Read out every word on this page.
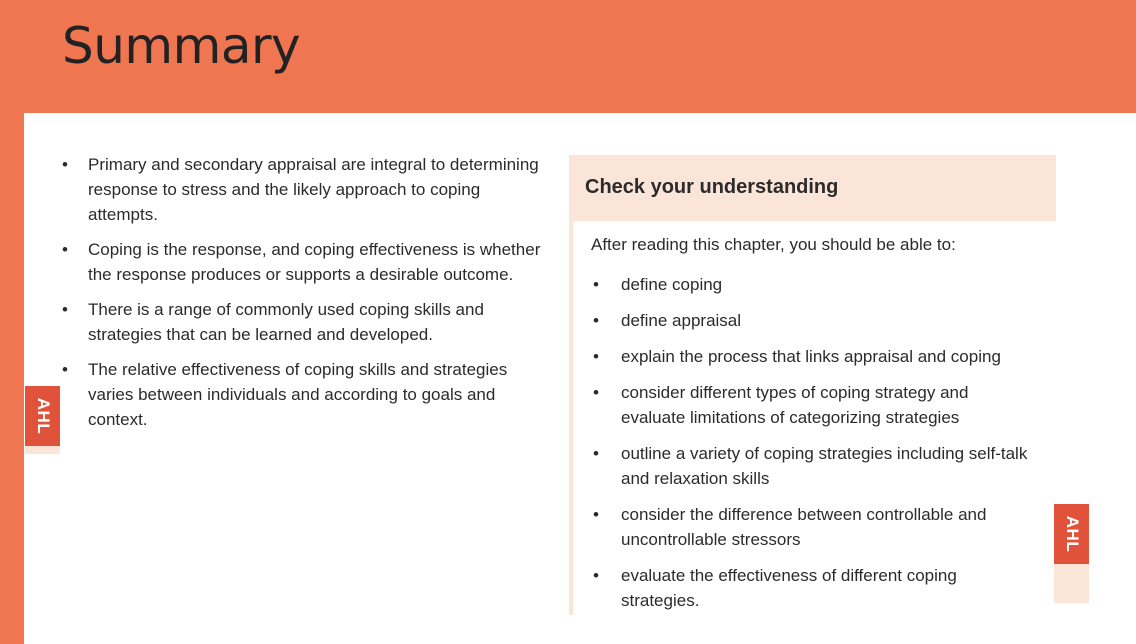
Summary
AHL
• Primary and secondary appraisal are integral to determining response to stress and the likely approach to coping attempts.
• Coping is the response, and coping effectiveness is whether the response produces or supports a desirable outcome.
• There is a range of commonly used coping skills and strategies that can be learned and developed.
• The relative effectiveness of coping skills and strategies varies between individuals and according to goals and context.
Check your understanding

After reading this chapter, you should be able to:

• define coping
• define appraisal
• explain the process that links appraisal and coping
• consider different types of coping strategy and evaluate limitations of categorizing strategies
• outline a variety of coping strategies including self-talk and relaxation skills
• consider the difference between controllable and uncontrollable stressors
• evaluate the effectiveness of different coping strategies.
AHL
